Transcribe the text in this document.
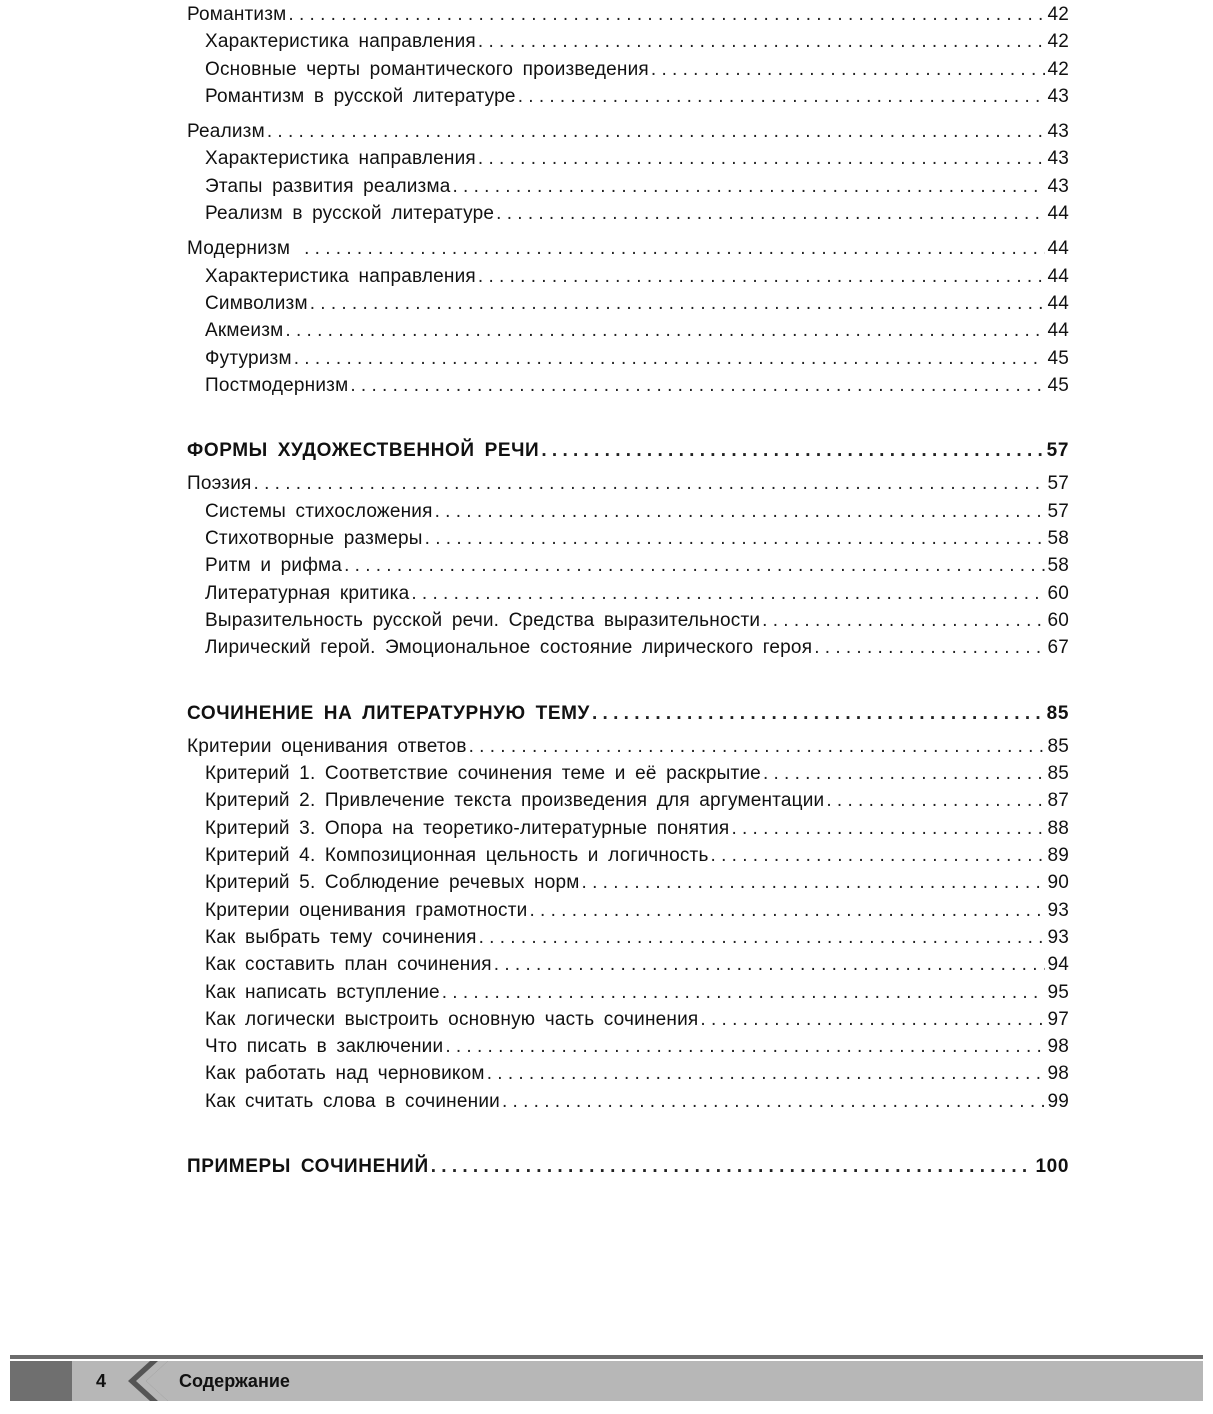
Романтизм . . .	42
Характеристика направления . . .	42
Основные черты романтического произведения . . .	42
Романтизм в русской литературе . . .	43
Реализм . . .	43
Характеристика направления . . .	43
Этапы развития реализма . . .	43
Реализм в русской литературе . . .	44
Модернизм . . .	44
Характеристика направления . . .	44
Символизм . . .	44
Акмеизм . . .	44
Футуризм . . .	45
Постмодернизм . . .	45
ФОРМЫ ХУДОЖЕСТВЕННОЙ РЕЧИ . . .	57
Поэзия . . .	57
Системы стихосложения . . .	57
Стихотворные размеры . . .	58
Ритм и рифма . . .	58
Литературная критика . . .	60
Выразительность русской речи. Средства выразительности . . .	60
Лирический герой. Эмоциональное состояние лирического героя . . .	67
СОЧИНЕНИЕ НА ЛИТЕРАТУРНУЮ ТЕМУ . . .	85
Критерии оценивания ответов . . .	85
Критерий 1. Соответствие сочинения теме и её раскрытие . . .	85
Критерий 2. Привлечение текста произведения для аргументации . . .	87
Критерий 3. Опора на теоретико-литературные понятия . . .	88
Критерий 4. Композиционная цельность и логичность . . .	89
Критерий 5. Соблюдение речевых норм . . .	90
Критерии оценивания грамотности . . .	93
Как выбрать тему сочинения . . .	93
Как составить план сочинения . . .	94
Как написать вступление . . .	95
Как логически выстроить основную часть сочинения . . .	97
Что писать в заключении . . .	98
Как работать над черновиком . . .	98
Как считать слова в сочинении . . .	99
ПРИМЕРЫ СОЧИНЕНИЙ . . .	100
4	Содержание
